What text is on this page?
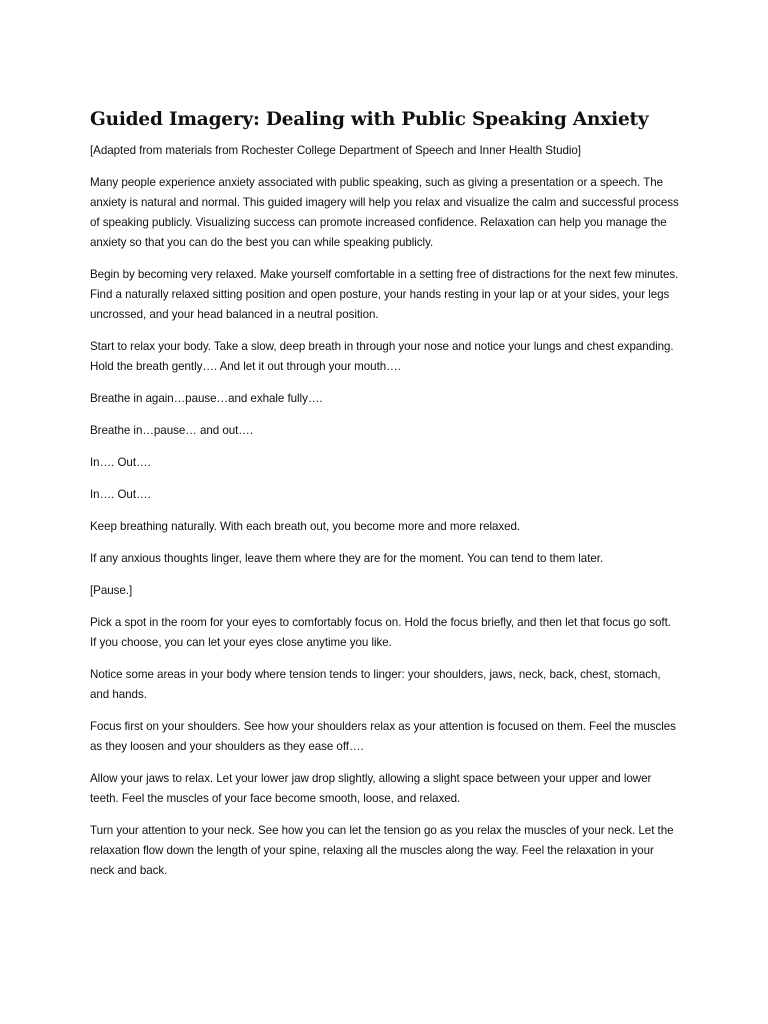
Guided Imagery: Dealing with Public Speaking Anxiety

[Adapted from materials from Rochester College Department of Speech and Inner Health Studio]

Many people experience anxiety associated with public speaking, such as giving a presentation or a speech. The anxiety is natural and normal. This guided imagery will help you relax and visualize the calm and successful process of speaking publicly. Visualizing success can promote increased confidence. Relaxation can help you manage the anxiety so that you can do the best you can while speaking publicly.

Begin by becoming very relaxed. Make yourself comfortable in a setting free of distractions for the next few minutes. Find a naturally relaxed sitting position and open posture, your hands resting in your lap or at your sides, your legs uncrossed, and your head balanced in a neutral position.

Start to relax your body. Take a slow, deep breath in through your nose and notice your lungs and chest expanding. Hold the breath gently…. And let it out through your mouth….

Breathe in again…pause…and exhale fully….

Breathe in…pause… and out….

In…. Out….

In…. Out….

Keep breathing naturally. With each breath out, you become more and more relaxed.

If any anxious thoughts linger, leave them where they are for the moment. You can tend to them later.

[Pause.]

Pick a spot in the room for your eyes to comfortably focus on. Hold the focus briefly, and then let that focus go soft. If you choose, you can let your eyes close anytime you like.

Notice some areas in your body where tension tends to linger: your shoulders, jaws, neck, back, chest, stomach, and hands.

Focus first on your shoulders. See how your shoulders relax as your attention is focused on them. Feel the muscles as they loosen and your shoulders as they ease off….

Allow your jaws to relax. Let your lower jaw drop slightly, allowing a slight space between your upper and lower teeth. Feel the muscles of your face become smooth, loose, and relaxed.

Turn your attention to your neck. See how you can let the tension go as you relax the muscles of your neck. Let the relaxation flow down the length of your spine, relaxing all the muscles along the way. Feel the relaxation in your neck and back.
